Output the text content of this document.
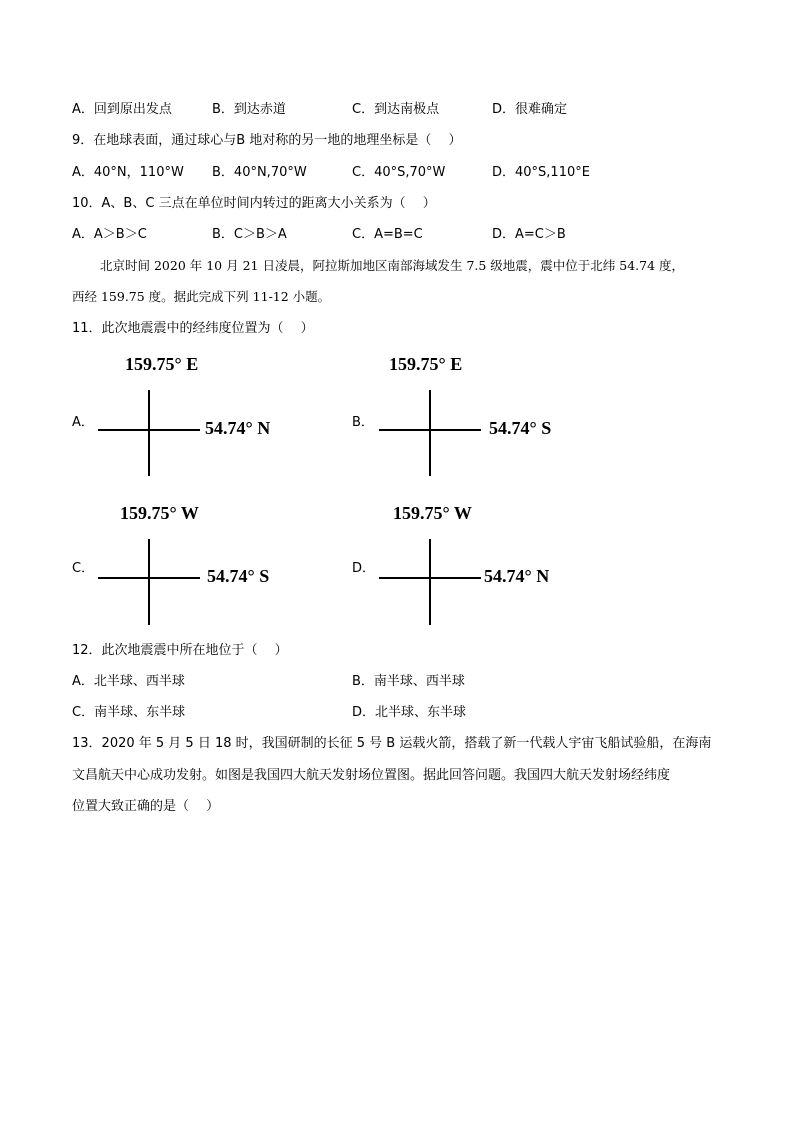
A．回到原出发点	B．到达赤道	C．到达南极点	D．很难确定
9．在地球表面，通过球心与B 地对称的另一地的地理坐标是（　 ）
A．40°N，110°W B．40°N,70°W	C．40°S,70°W	D．40°S,110°E
10．A、B、C 三点在单位时间内转过的距离大小关系为（　 ）
A．A＞B＞C	B．C＞B＞A	C．A=B=C	D．A=C＞B
北京时间 2020 年 10 月 21 日凌晨，阿拉斯加地区南部海域发生 7.5 级地震，震中位于北纬 54.74 度，
西经 159.75 度。据此完成下列 11-12 小题。
11．此次地震震中的经纬度位置为（　 ）
159.75° E
A．	54.74° N
159.75° E
B．	54.74° S
159.75° W
C．	54.74° S
159.75° W
D．	54.74° N
12．此次地震震中所在地位于（　 ）
A．北半球、西半球	B．南半球、西半球
C．南半球、东半球	D．北半球、东半球
13．2020 年 5 月 5 日 18 时，我国研制的长征 5 号 B 运载火箭，搭载了新一代载人宇宙飞船试验船，在海南
文昌航天中心成功发射。如图是我国四大航天发射场位置图。据此回答问题。我国四大航天发射场经纬度
位置大致正确的是（　 ）
